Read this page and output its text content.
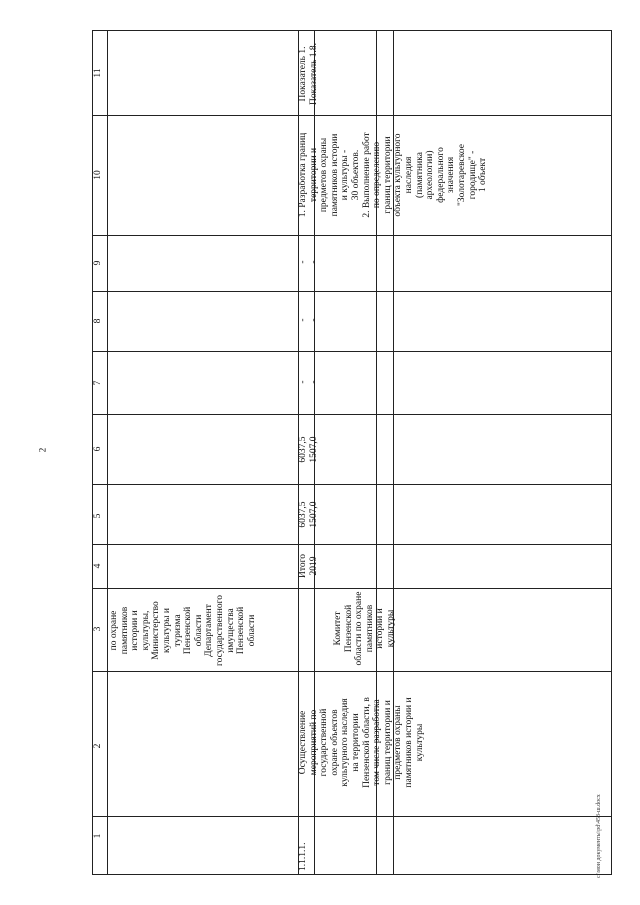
2
c:\мои документы\pd\453-ш.docx
1
2
3
4
5
6
7
8
9
10
11
по охране памятников истории и культуры, Министерство культуры и туризма Пензенской области Департамент государственного имущества Пензенской области
Итого 2019
6037,5 1507,0
6037,5 1507,0
- -
- -
- -
1. Разработка границ территории и предметов охраны памятников истории и культуры - 30 объектов. 2. Выполнение работ по определению границ территории объекта культурного наследия (памятника археологии) федерального значения "Золотаревское городище" - 1 объект
Показатель 1. Показатель 1.8.
1.1.1.1.
Осуществление мероприятий по государственной охране объектов культурного наследия на территории Пензенской области, в том числе разработка границ территории и предметов охраны памятников истории и культуры
Комитет Пензенской области по охране памятников истории и культуры
